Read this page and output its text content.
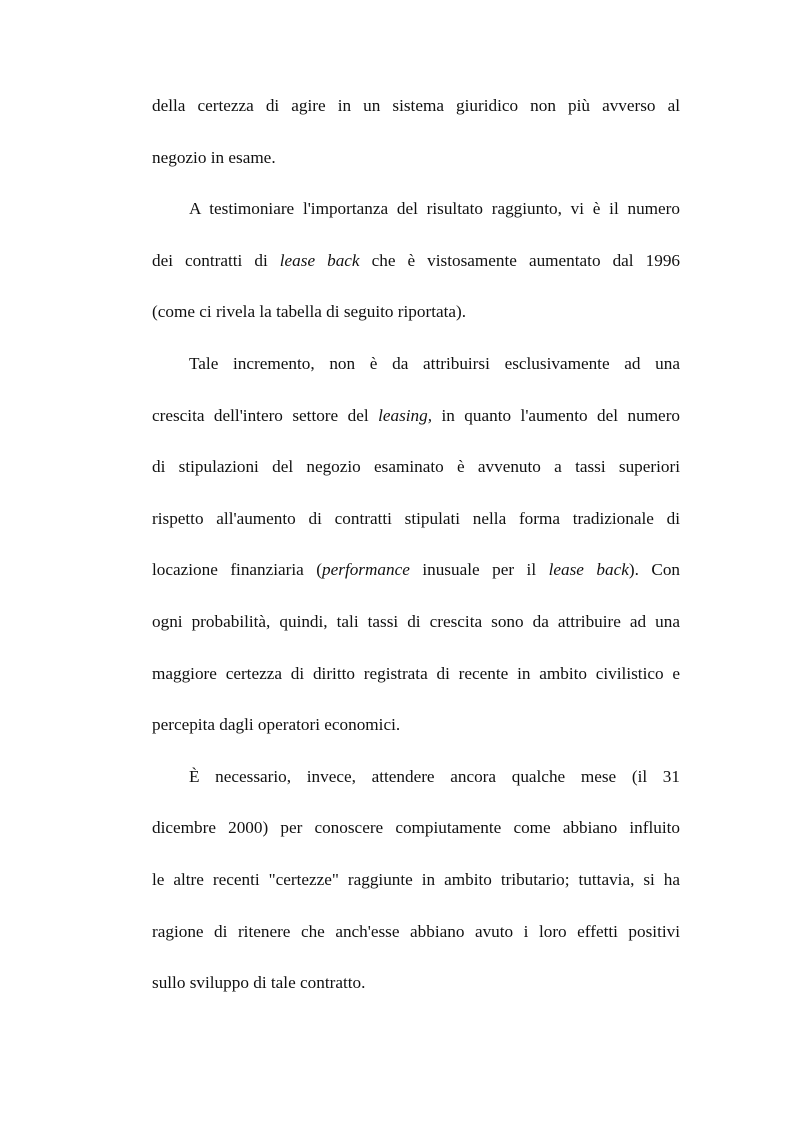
della certezza di agire in un sistema giuridico non più avverso al
negozio in esame.
A testimoniare l'importanza del risultato raggiunto, vi è il numero
dei contratti di lease back che è vistosamente aumentato dal 1996
(come ci rivela la tabella di seguito riportata).
Tale incremento, non è da attribuirsi esclusivamente ad una
crescita dell'intero settore del leasing, in quanto l'aumento del numero
di stipulazioni del negozio esaminato è avvenuto a tassi superiori
rispetto all'aumento di contratti stipulati nella forma tradizionale di
locazione finanziaria (performance inusuale per il lease back). Con
ogni probabilità, quindi, tali tassi di crescita sono da attribuire ad una
maggiore certezza di diritto registrata di recente in ambito civilistico e
percepita dagli operatori economici.
È necessario, invece, attendere ancora qualche mese (il 31
dicembre 2000) per conoscere compiutamente come abbiano influito
le altre recenti "certezze" raggiunte in ambito tributario; tuttavia, si ha
ragione di ritenere che anch'esse abbiano avuto i loro effetti positivi
sullo sviluppo di tale contratto.
